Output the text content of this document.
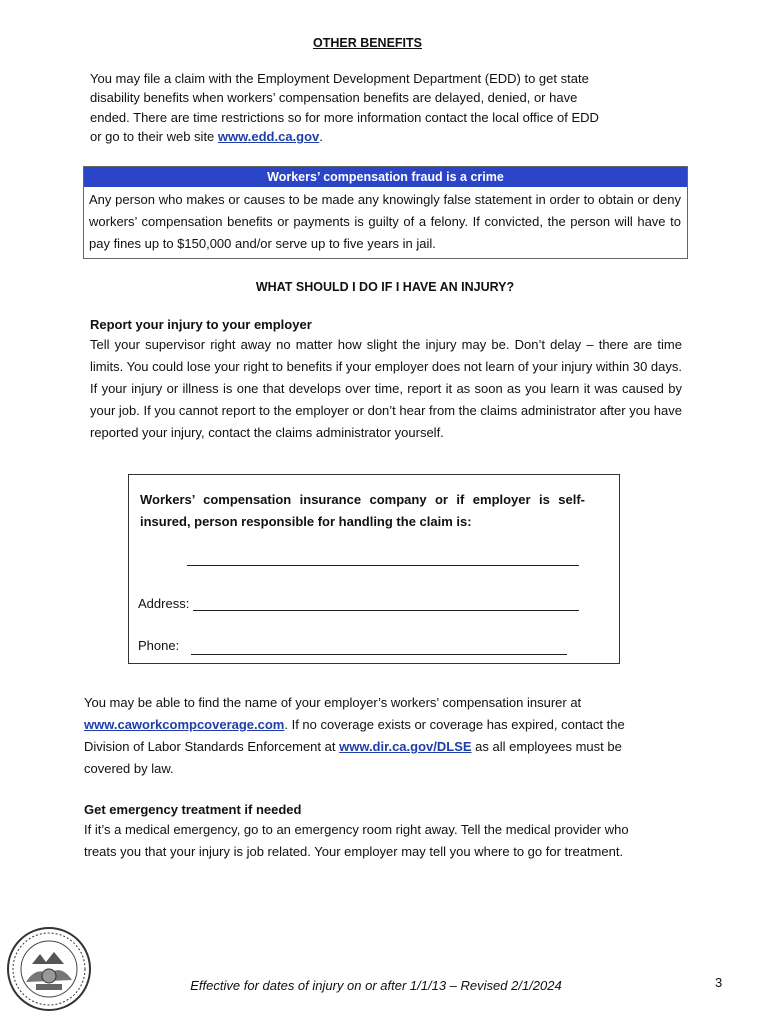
OTHER BENEFITS
You may file a claim with the Employment Development Department (EDD) to get state
disability benefits when workers’ compensation benefits are delayed, denied, or have
ended. There are time restrictions so for more information contact the local office of EDD
or go to their web site www.edd.ca.gov.
Workers’ compensation fraud is a crime
Any person who makes or causes to be made any knowingly false statement in order to obtain or deny workers’ compensation benefits or payments is guilty of a felony. If convicted, the person will have to pay fines up to $150,000 and/or serve up to five years in jail.
WHAT SHOULD I DO IF I HAVE AN INJURY?
Report your injury to your employer
Tell your supervisor right away no matter how slight the injury may be. Don’t delay – there are time limits. You could lose your right to benefits if your employer does not learn of your injury within 30 days. If your injury or illness is one that develops over time, report it as soon as you learn it was caused by your job. If you cannot report to the employer or don’t hear from the claims administrator after you have reported your injury, contact the claims administrator yourself.
Workers’ compensation insurance company or if employer is self-insured, person responsible for handling the claim is:
Address:
Phone:
You may be able to find the name of your employer’s workers’ compensation insurer at
www.caworkcompcoverage.com. If no coverage exists or coverage has expired, contact the
Division of Labor Standards Enforcement at www.dir.ca.gov/DLSE as all employees must be
covered by law.
Get emergency treatment if needed
If it’s a medical emergency, go to an emergency room right away. Tell the medical provider who
treats you that your injury is job related. Your employer may tell you where to go for treatment.
Effective for dates of injury on or after 1/1/13 – Revised 2/1/2024	3
